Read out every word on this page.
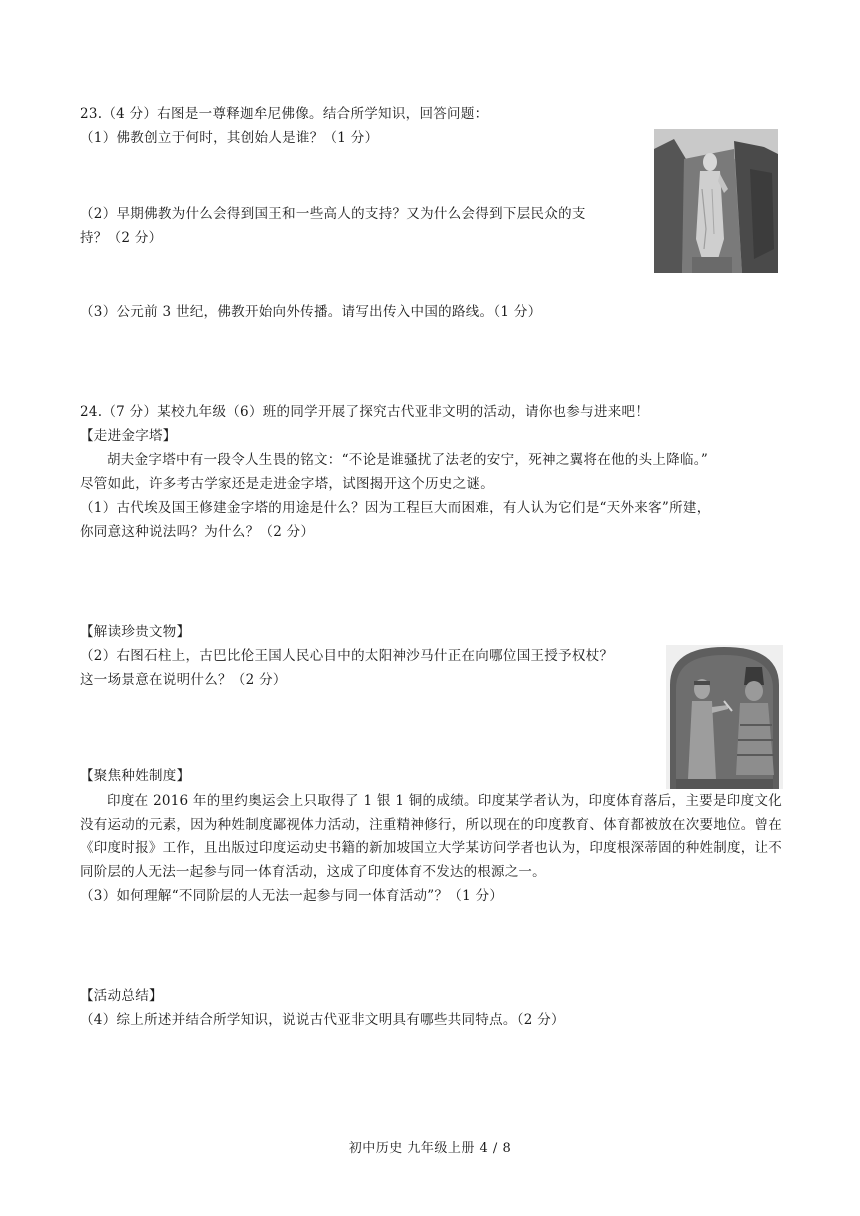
23.（4 分）右图是一尊释迦牟尼佛像。结合所学知识，回答问题：
（1）佛教创立于何时，其创始人是谁？（1 分）
（2）早期佛教为什么会得到国王和一些高人的支持？又为什么会得到下层民众的支
持？（2 分）
（3）公元前 3 世纪，佛教开始向外传播。请写出传入中国的路线。（1 分）
24.（7 分）某校九年级（6）班的同学开展了探究古代亚非文明的活动，请你也参与进来吧！
【走进金字塔】
胡夫金字塔中有一段令人生畏的铭文：“不论是谁骚扰了法老的安宁，死神之翼将在他的头上降临。”
尽管如此，许多考古学家还是走进金字塔，试图揭开这个历史之谜。
（1）古代埃及国王修建金字塔的用途是什么？因为工程巨大而困难，有人认为它们是“天外来客”所建，
你同意这种说法吗？为什么？（2 分）
【解读珍贵文物】
（2）右图石柱上，古巴比伦王国人民心目中的太阳神沙马什正在向哪位国王授予权杖？
这一场景意在说明什么？（2 分）
【聚焦种姓制度】
印度在 2016 年的里约奥运会上只取得了 1 银 1 铜的成绩。印度某学者认为，印度体育落后，主要是印度文化没有运动的元素，因为种姓制度鄙视体力活动，注重精神修行，所以现在的印度教育、体育都被放在次要地位。曾在《印度时报》工作，且出版过印度运动史书籍的新加坡国立大学某访问学者也认为，印度根深蒂固的种姓制度，让不同阶层的人无法一起参与同一体育活动，这成了印度体育不发达的根源之一。
（3）如何理解“不同阶层的人无法一起参与同一体育活动”？（1 分）
【活动总结】
（4）综上所述并结合所学知识，说说古代亚非文明具有哪些共同特点。（2 分）
初中历史 九年级上册 4 / 8
